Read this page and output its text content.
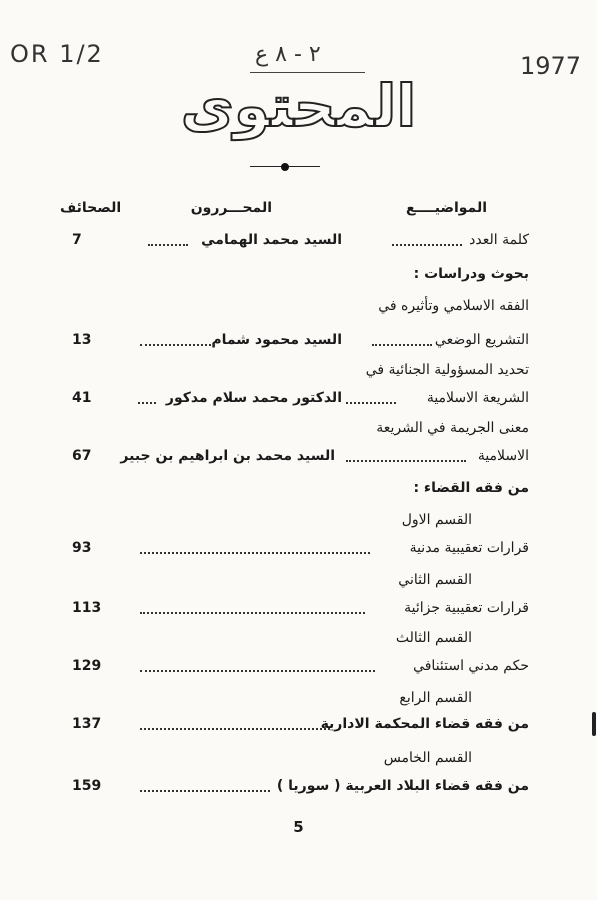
OR 1/2	٢ - ٨ ع	1977
المحتوى
المواضيــــع
المحـــررون
الصحائف
كلمة العدد
السيد محمد الهمامي
7
بحوث ودراسات :
الفقه الاسلامي وتأثيره في
التشريع الوضعي
السيد محمود شمام
13
تحديد المسؤولية الجنائية في
الشريعة الاسلامية
الدكتور محمد سلام مدكور
41
معنى الجريمة في الشريعة
الاسلامية
السيد محمد بن ابراهيم بن جبير
67
من فقه القضاء :
القسم الاول
قرارات تعقيبية مدنية
93
القسم الثاني
قرارات تعقيبية جزائية
113
القسم الثالث
حكم مدني استئنافي
129
القسم الرابع
من فقه قضاء المحكمة الادارية
137
القسم الخامس
من فقه قضاء البلاد العربية ( سوريا )
159
5
